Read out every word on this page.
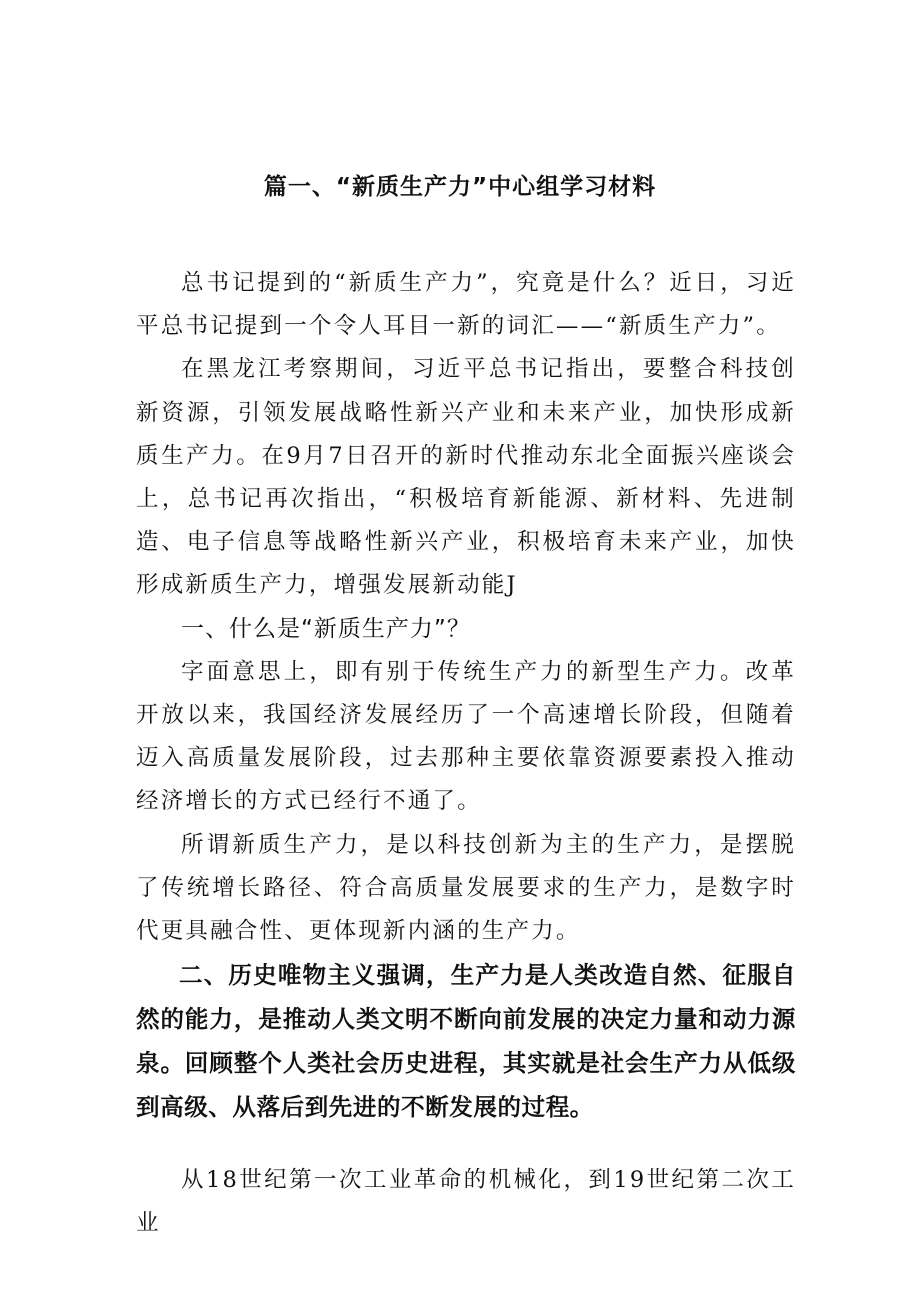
篇一、“新质生产力”中心组学习材料

总书记提到的“新质生产力”，究竟是什么？近日，习近平总书记提到一个令人耳目一新的词汇——“新质生产力”。

在黑龙江考察期间，习近平总书记指出，要整合科技创新资源，引领发展战略性新兴产业和未来产业，加快形成新质生产力。在9月7日召开的新时代推动东北全面振兴座谈会上，总书记再次指出，“积极培育新能源、新材料、先进制造、电子信息等战略性新兴产业，积极培育未来产业，加快形成新质生产力，增强发展新动能J

一、什么是“新质生产力”？

字面意思上，即有别于传统生产力的新型生产力。改革开放以来，我国经济发展经历了一个高速增长阶段，但随着迈入高质量发展阶段，过去那种主要依靠资源要素投入推动经济增长的方式已经行不通了。

所谓新质生产力，是以科技创新为主的生产力，是摆脱了传统增长路径、符合高质量发展要求的生产力，是数字时代更具融合性、更体现新内涵的生产力。

二、历史唯物主义强调，生产力是人类改造自然、征服自然的能力，是推动人类文明不断向前发展的决定力量和动力源泉。回顾整个人类社会历史进程，其实就是社会生产力从低级到高级、从落后到先进的不断发展的过程。

从18世纪第一次工业革命的机械化，到19世纪第二次工业
